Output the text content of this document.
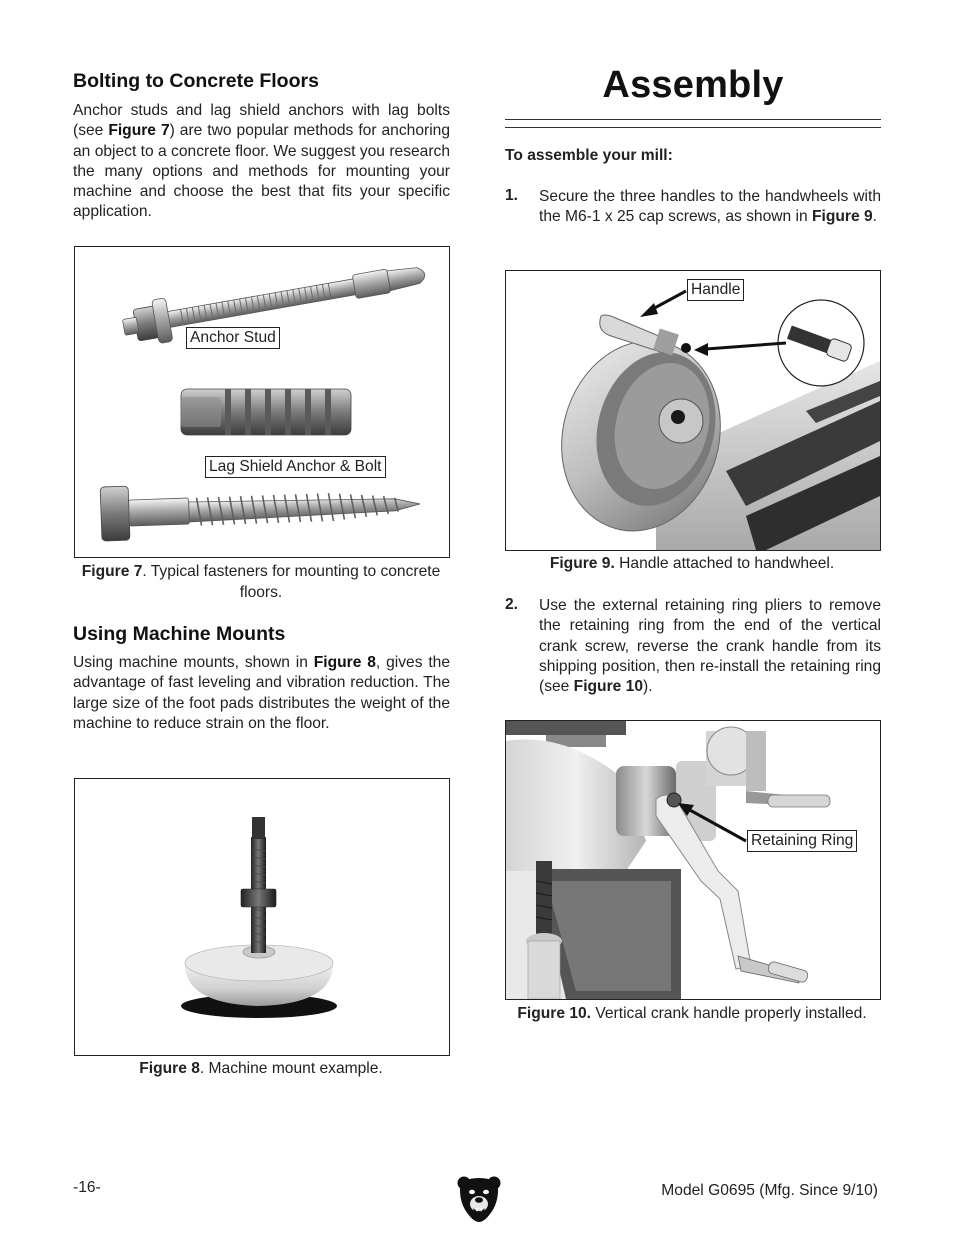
Bolting to Concrete Floors
Anchor studs and lag shield anchors with lag bolts (see Figure 7) are two popular methods for anchoring an object to a concrete floor. We suggest you research the many options and methods for mounting your machine and choose the best that fits your specific application.
Anchor Stud
Lag Shield Anchor & Bolt
Figure 7. Typical fasteners for mounting to concrete floors.
Using Machine Mounts
Using machine mounts, shown in Figure 8, gives the advantage of fast leveling and vibration reduction. The large size of the foot pads distributes the weight of the machine to reduce strain on the floor.
Figure 8. Machine mount example.
Assembly
To assemble your mill:
1. Secure the three handles to the handwheels with the M6-1 x 25 cap screws, as shown in Figure 9.
Handle
Figure 9. Handle attached to handwheel.
2. Use the external retaining ring pliers to remove the retaining ring from the end of the vertical crank screw, reverse the crank handle from its shipping position, then re-install the retaining ring (see Figure 10).
Retaining Ring
Figure 10. Vertical crank handle properly installed.
-16-	Model G0695 (Mfg. Since 9/10)
